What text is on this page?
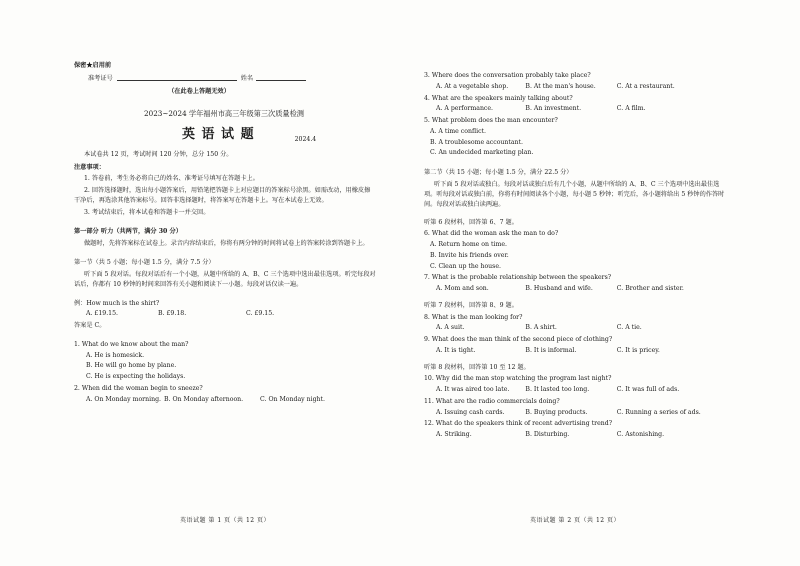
保密★启用前
准考证号	姓名
（在此卷上答题无效）
2023~2024 学年福州市高三年级第三次质量检测
英 语 试 题	2024.4
本试卷共 12 页，考试时间 120 分钟，总分 150 分。
注意事项：
1. 答卷前，考生务必将自己的姓名、准考证号填写在答题卡上。
2. 回答选择题时，选出每小题答案后，用铅笔把答题卡上对应题目的答案标号涂黑。如需改动，用橡皮擦干净后，再选涂其他答案标号。回答非选择题时，将答案写在答题卡上。写在本试卷上无效。
3. 考试结束后，将本试卷和答题卡一并交回。
第一部分 听力（共两节，满分 30 分）
做题时，先将答案标在试卷上。录音内容结束后，你将有两分钟的时间将试卷上的答案转涂到答题卡上。
第一节（共 5 小题；每小题 1.5 分，满分 7.5 分）
听下面 5 段对话。每段对话后有一个小题，从题中所给的 A、B、C 三个选项中选出最佳选项。听完每段对话后，你都有 10 秒钟的时间来回答有关小题和阅读下一小题。每段对话仅读一遍。
例：How much is the shirt?
A. £19.15.	B. £9.18.	C. £9.15.
答案是 C。
1. What do we know about the man?
A. He is homesick.
B. He will go home by plane.
C. He is expecting the holidays.
2. When did the woman begin to sneeze?
A. On Monday morning. B. On Monday afternoon.	C. On Monday night.
英语试题 第 1 页（共 12 页）
3. Where does the conversation probably take place?
A. At a vegetable shop.	B. At the man's house.	C. At a restaurant.
4. What are the speakers mainly talking about?
A. A performance.	B. An investment.	C. A film.
5. What problem does the man encounter?
A. A time conflict.
B. A troublesome accountant.
C. An undecided marketing plan.
第二节（共 15 小题；每小题 1.5 分，满分 22.5 分）
听下面 5 段对话或独白。每段对话或独白后有几个小题，从题中所给的 A、B、C 三个选项中选出最佳选项。听每段对话或独白前，你将有时间阅读各个小题，每小题 5 秒钟；听完后，各小题将给出 5 秒钟的作答时间。每段对话或独白读两遍。
听第 6 段材料，回答第 6、7 题。
6. What did the woman ask the man to do?
A. Return home on time.
B. Invite his friends over.
C. Clean up the house.
7. What is the probable relationship between the speakers?
A. Mom and son.	B. Husband and wife.	C. Brother and sister.
听第 7 段材料，回答第 8、9 题。
8. What is the man looking for?
A. A suit.	B. A shirt.	C. A tie.
9. What does the man think of the second piece of clothing?
A. It is tight.	B. It is informal.	C. It is pricey.
听第 8 段材料，回答第 10 至 12 题。
10. Why did the man stop watching the program last night?
A. It was aired too late.	B. It lasted too long.	C. It was full of ads.
11. What are the radio commercials doing?
A. Issuing cash cards.	B. Buying products.	C. Running a series of ads.
12. What do the speakers think of recent advertising trend?
A. Striking.	B. Disturbing.	C. Astonishing.
英语试题 第 2 页（共 12 页）
